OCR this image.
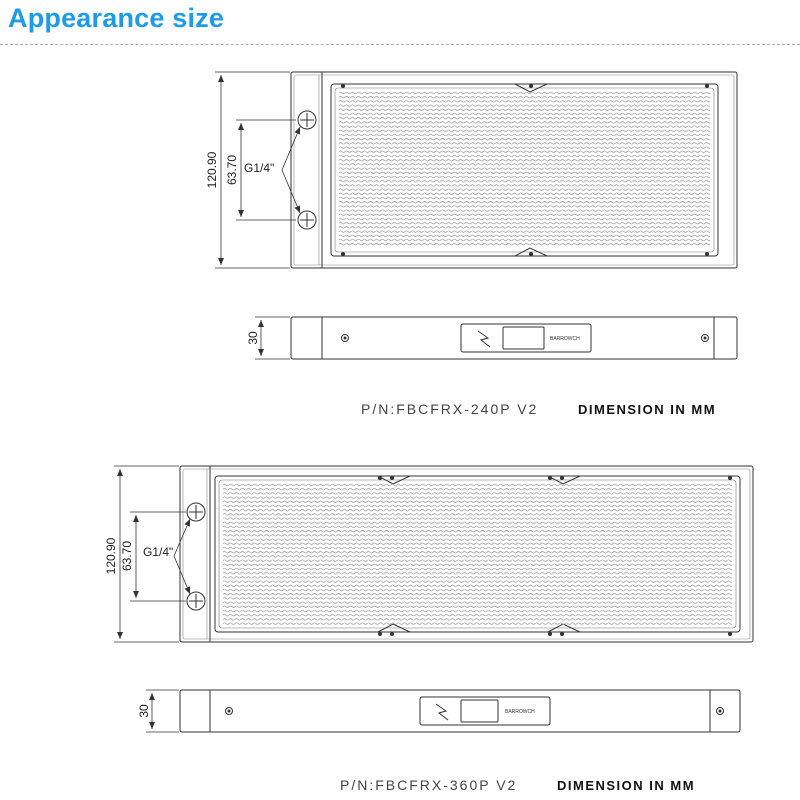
Appearance size
120.90 63.70 G1/4"
BARROWCH
30
P/N:FBCFRX-240P V2	DIMENSION IN MM
120.90 63.70 G1/4"
BARROWCH
30
P/N:FBCFRX-360P V2	DIMENSION IN MM
